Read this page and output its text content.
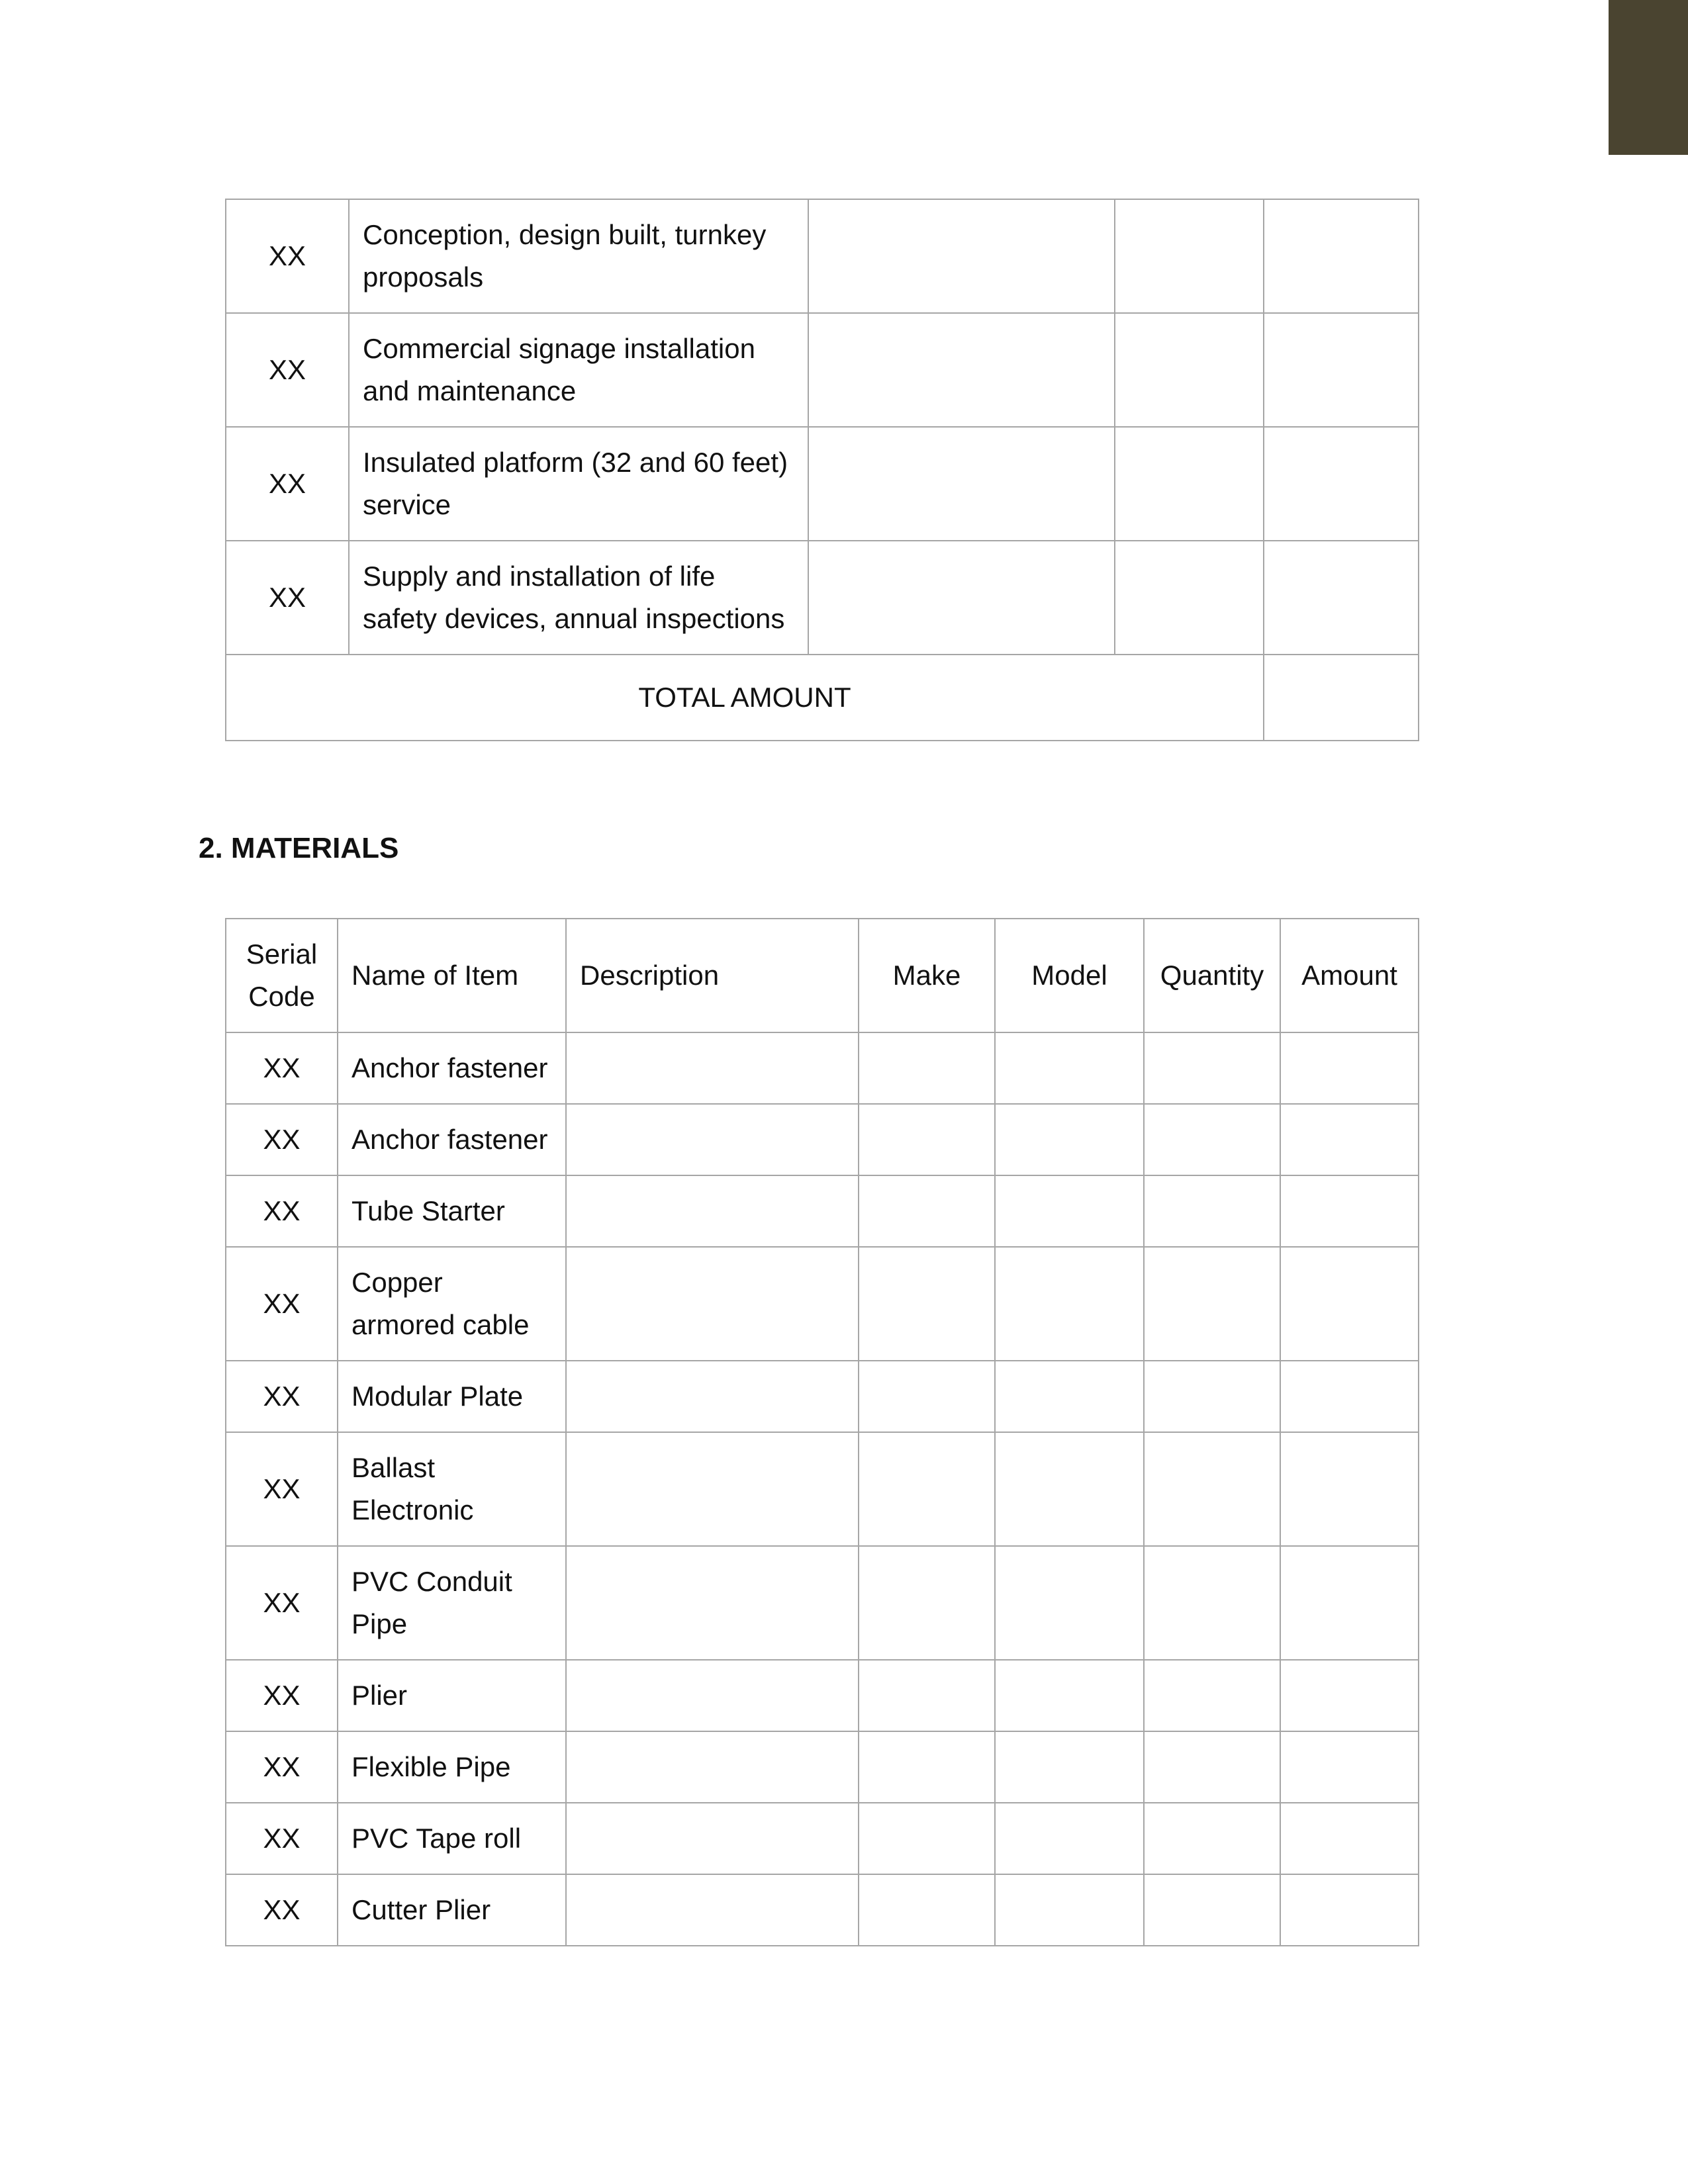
XX	Conception, design built, turnkey proposals			
XX	Commercial signage installation and maintenance			
XX	Insulated platform (32 and 60 feet) service			
XX	Supply and installation of life safety devices, annual inspections			
TOTAL AMOUNT				
2. MATERIALS
Serial Code	Name of Item	Description	Make	Model	Quantity	Amount
XX	Anchor fastener					
XX	Anchor fastener					
XX	Tube Starter					
XX	Copper armored cable					
XX	Modular Plate					
XX	Ballast Electronic					
XX	PVC Conduit Pipe					
XX	Plier					
XX	Flexible Pipe					
XX	PVC Tape roll					
XX	Cutter Plier					
